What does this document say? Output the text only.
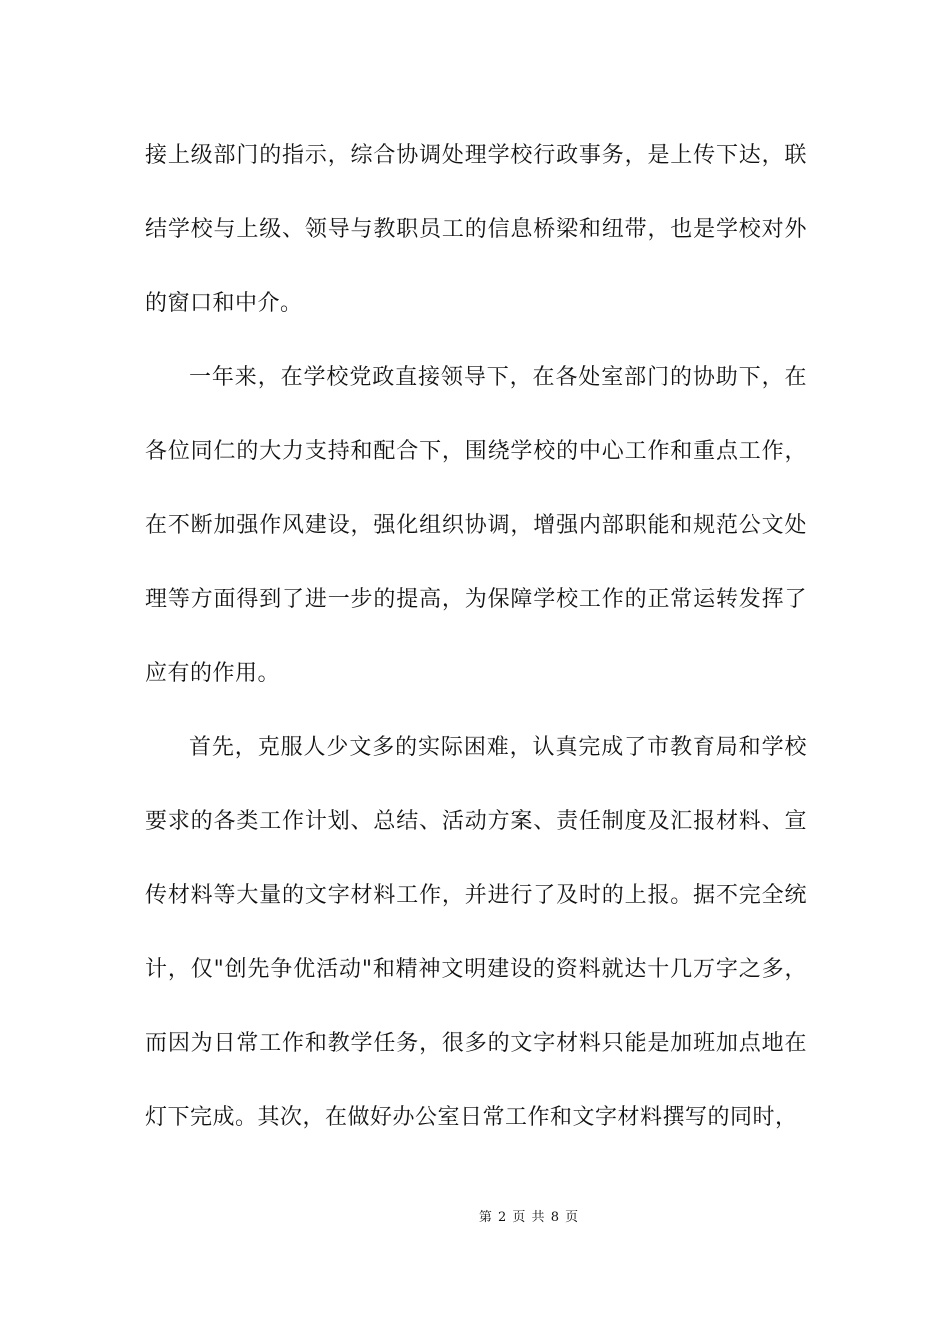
接上级部门的指示，综合协调处理学校行政事务，是上传下达，联
结学校与上级、领导与教职员工的信息桥梁和纽带，也是学校对外
的窗口和中介。
一年来，在学校党政直接领导下，在各处室部门的协助下，在
各位同仁的大力支持和配合下，围绕学校的中心工作和重点工作，
在不断加强作风建设，强化组织协调，增强内部职能和规范公文处
理等方面得到了进一步的提高，为保障学校工作的正常运转发挥了
应有的作用。
首先，克服人少文多的实际困难，认真完成了市教育局和学校
要求的各类工作计划、总结、活动方案、责任制度及汇报材料、宣
传材料等大量的文字材料工作，并进行了及时的上报。据不完全统
计，仅"创先争优活动"和精神文明建设的资料就达十几万字之多，
而因为日常工作和教学任务，很多的文字材料只能是加班加点地在
灯下完成。其次，在做好办公室日常工作和文字材料撰写的同时，
第 2 页 共 8 页
